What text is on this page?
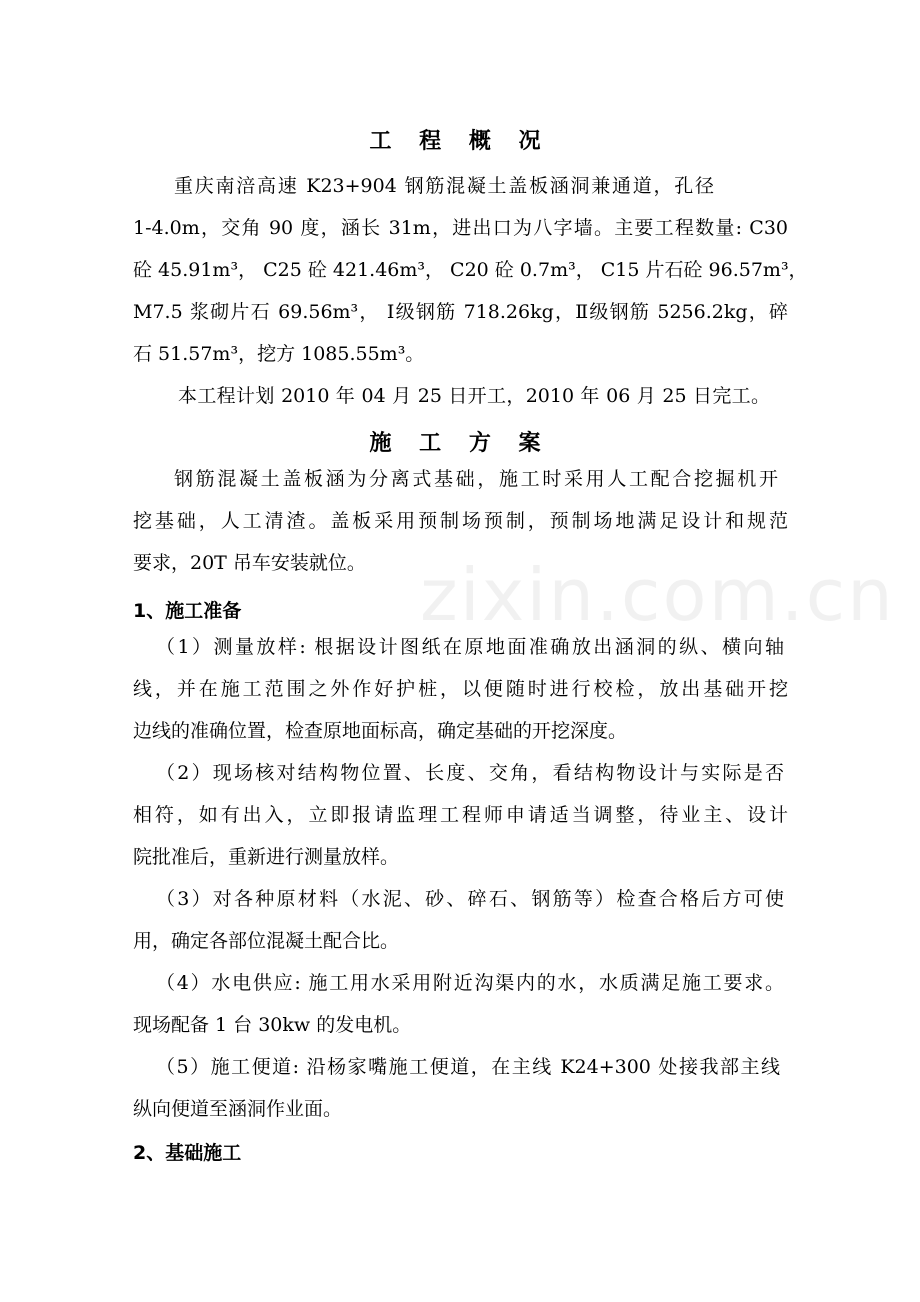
工 程 概 况
重庆南涪高速 K23+904 钢筋混凝土盖板涵洞兼通道，孔径
1-4.0m，交角 90 度，涵长 31m，进出口为八字墙。主要工程数量: C30
砼 45.91m³， C25 砼 421.46m³， C20 砼 0.7m³， C15 片石砼 96.57m³，
M7.5 浆砌片石 69.56m³， Ⅰ级钢筋 718.26kg，Ⅱ级钢筋 5256.2kg，碎
石 51.57m³，挖方 1085.55m³。
本工程计划 2010 年 04 月 25 日开工，2010 年 06 月 25 日完工。
施 工 方 案
钢筋混凝土盖板涵为分离式基础，施工时采用人工配合挖掘机开
挖基础，人工清渣。盖板采用预制场预制，预制场地满足设计和规范
要求，20T 吊车安装就位。
1、施工准备
（1）测量放样: 根据设计图纸在原地面准确放出涵洞的纵、横向轴
线，并在施工范围之外作好护桩，以便随时进行校检，放出基础开挖
边线的准确位置，检查原地面标高，确定基础的开挖深度。
（2）现场核对结构物位置、长度、交角，看结构物设计与实际是否
相符，如有出入，立即报请监理工程师申请适当调整，待业主、设计
院批准后，重新进行测量放样。
（3）对各种原材料（水泥、砂、碎石、钢筋等）检查合格后方可使
用，确定各部位混凝土配合比。
（4）水电供应: 施工用水采用附近沟渠内的水，水质满足施工要求。
现场配备 1 台 30kw 的发电机。
（5）施工便道: 沿杨家嘴施工便道，在主线 K24+300 处接我部主线
纵向便道至涵洞作业面。
2、基础施工
zixin.com.cn
